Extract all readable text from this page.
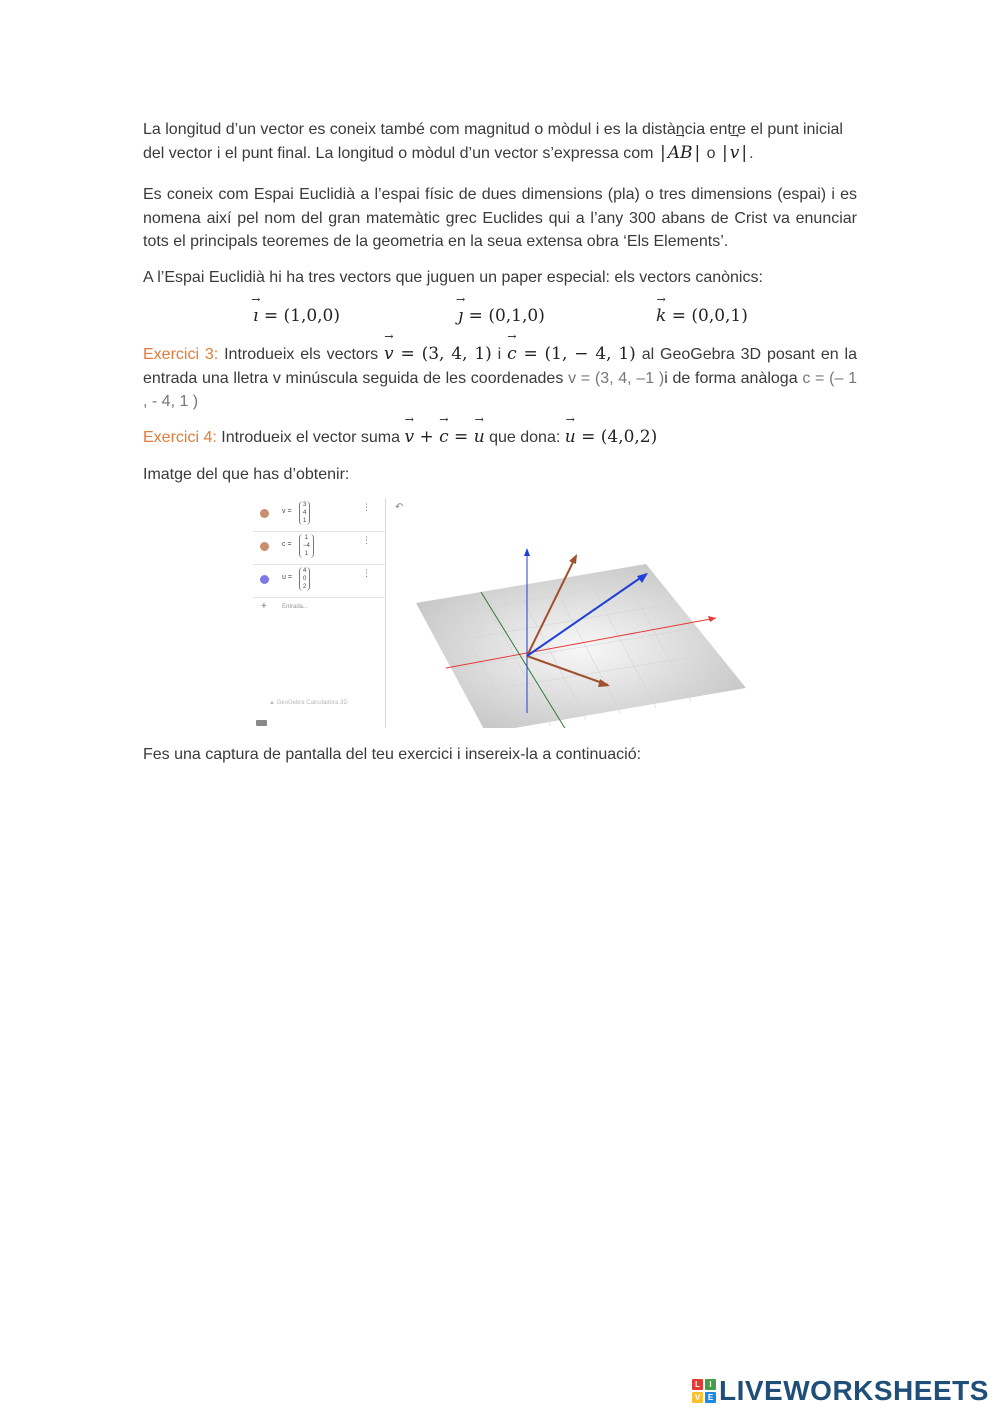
La longitud d’un vector es coneix també com magnitud o mòdul i es la distància entre el punt inicial
del vector i el punt final. La longitud o mòdul d’un vector s’expressa com | → AB | o | → v | .
Es coneix com Espai Euclidià a l’espai físic de dues dimensions (pla) o tres dimensions (espai) i es nomena així pel nom del gran matemàtic grec Euclides qui a l’any 300 abans de Crist va enunciar tots el principals teoremes de la geometria en la seua extensa obra ‘Els Elements’.
A l’Espai Euclidià hi ha tres vectors que juguen un paper especial: els vectors canònics:
→ ı = (1,0,0)	→ ȷ = (0,1,0)	→ k = (0,0,1)
Exercici 3: Introdueix els vectors → v = (3, 4, 1) i → c = (1, − 4, 1) al GeoGebra 3D posant en la entrada una lletra v minúscula seguida de les coordenades v = (3, 4, –1 )i de forma anàloga c = (– 1 , - 4, 1 )
Exercici 4: Introdueix el vector suma → v + → c = → u que dona: → u = (4,0,2)
Imatge del que has d’obtenir:
v =
3
4
1
⋮
c =
1
−4
1
⋮
u =
4
0
2
⋮
+	Entrada...
▲ GeoGebra Calculadora 3D
↶
Fes una captura de pantalla del teu exercici i insereix-la a continuació:
L	I
V E LIVEWORKSHEETS
